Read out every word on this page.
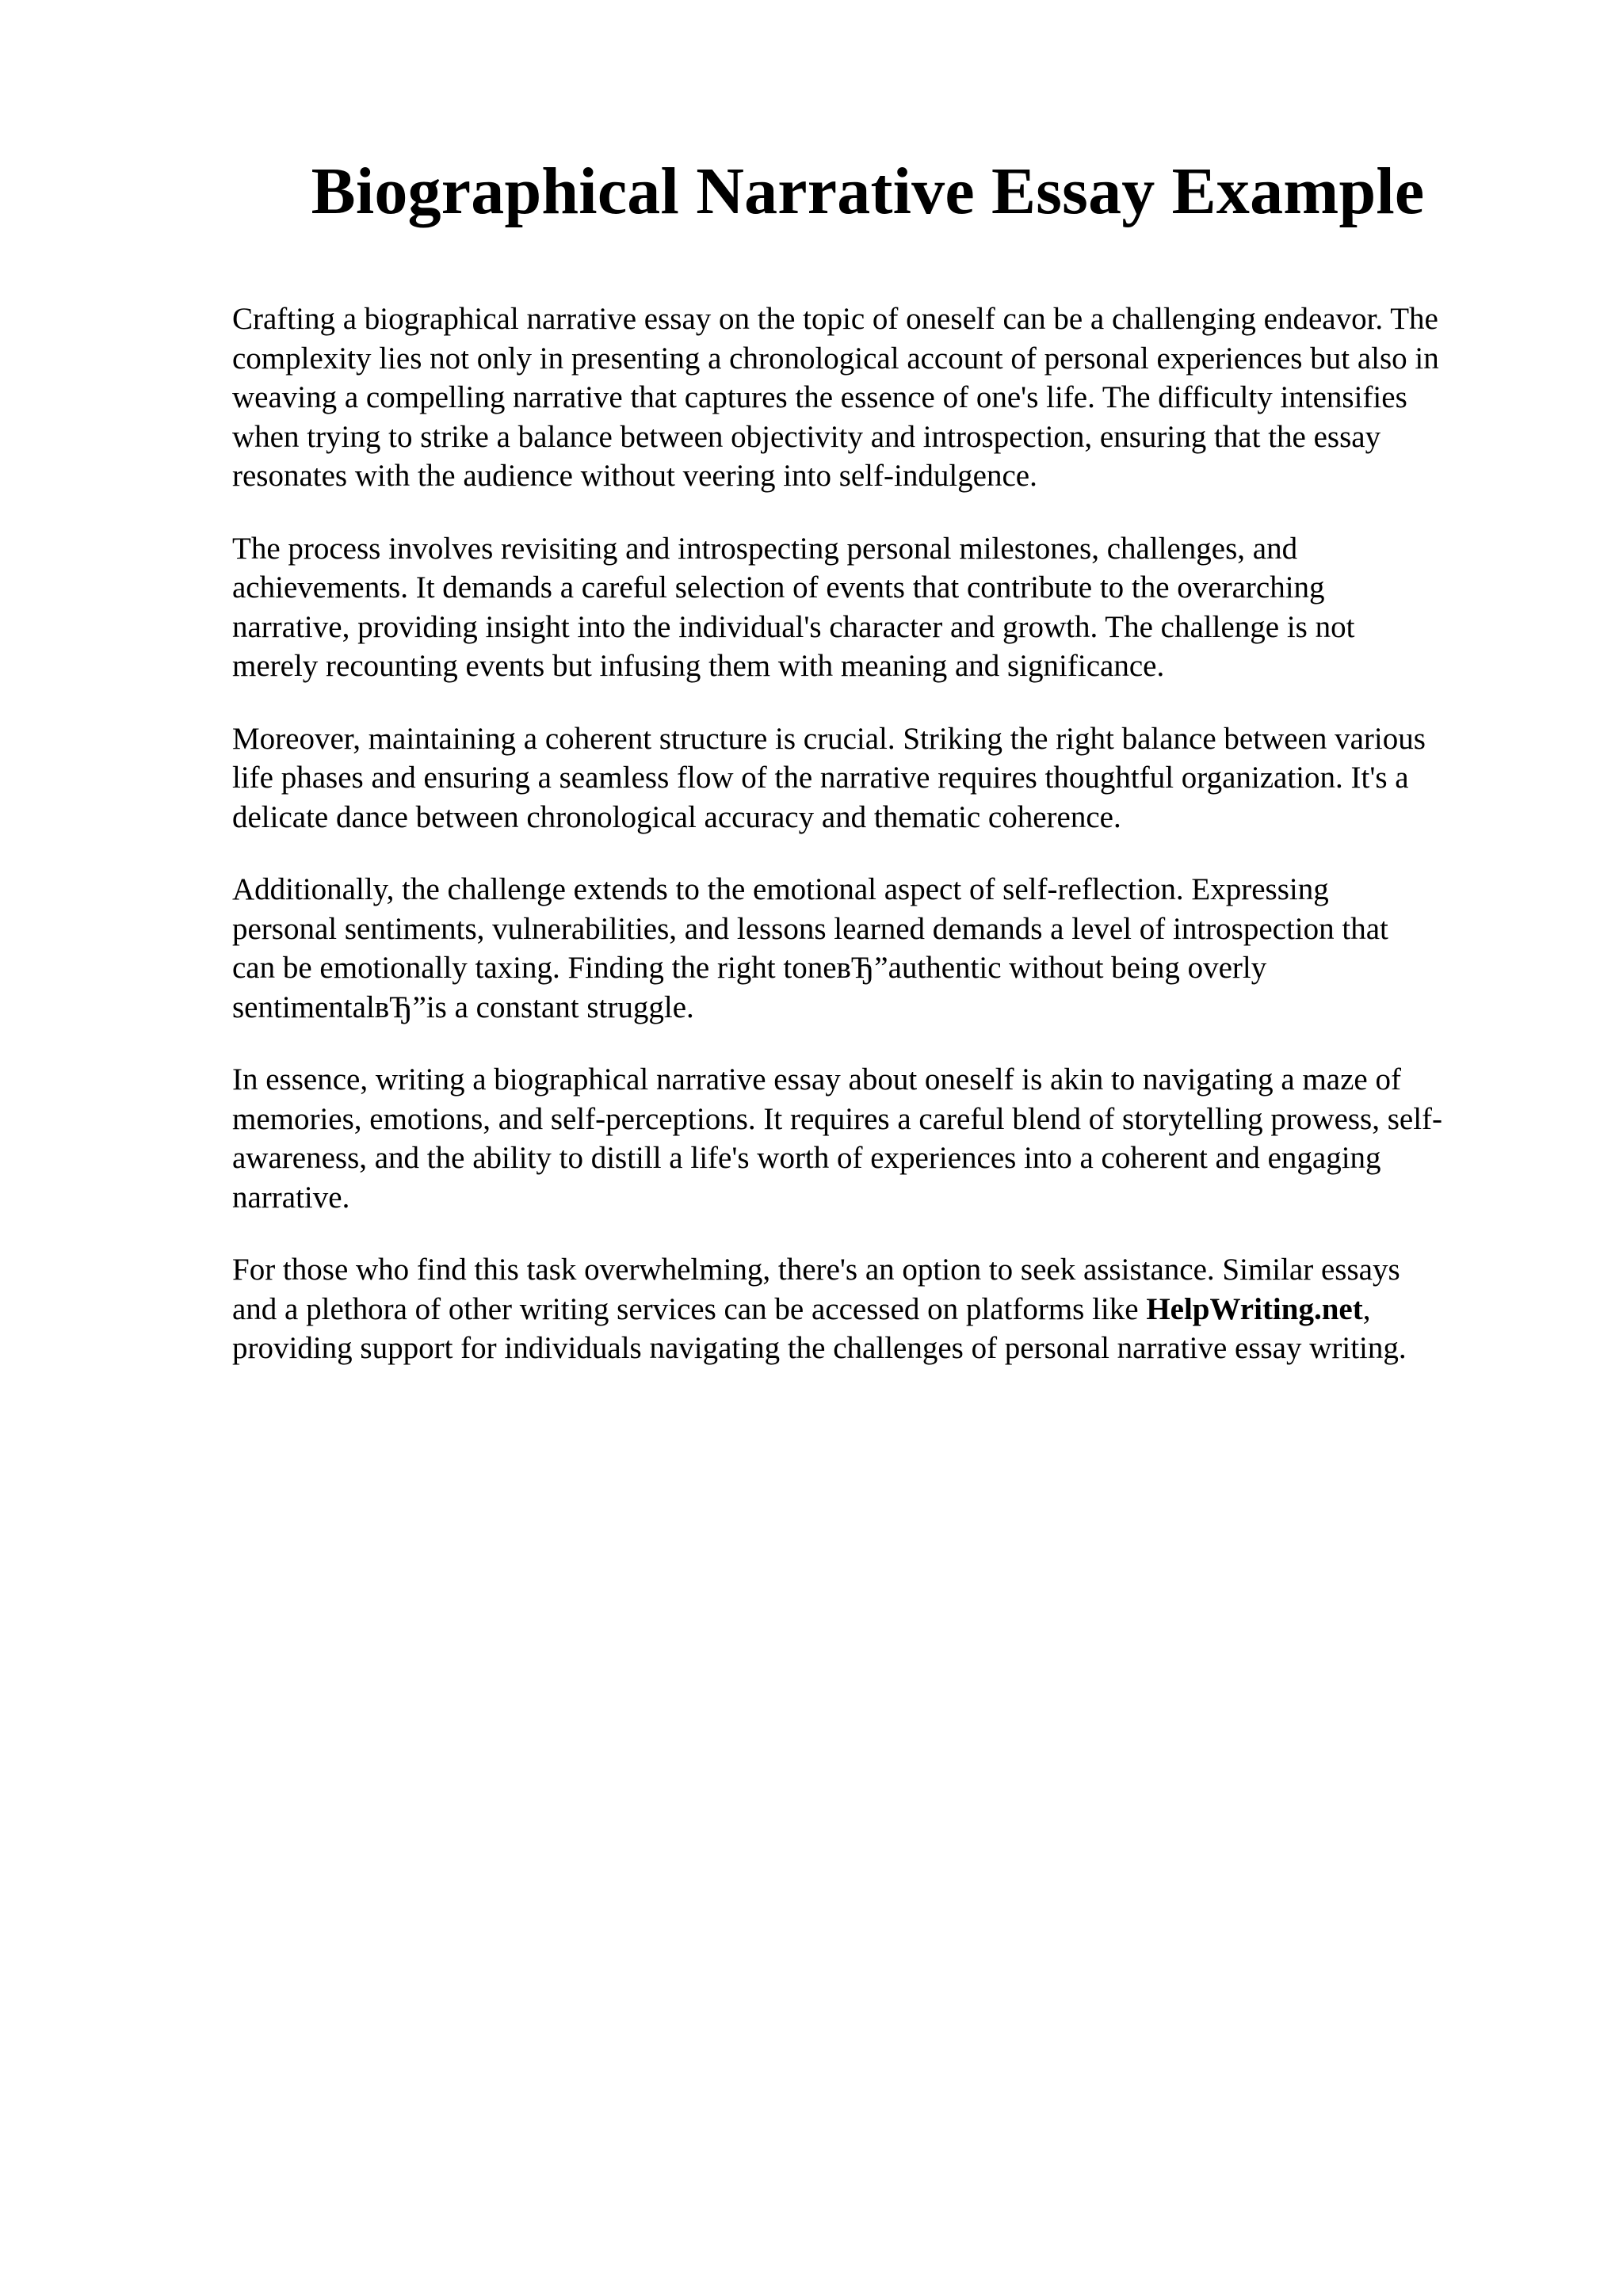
Biographical Narrative Essay Example

Crafting a biographical narrative essay on the topic of oneself can be a challenging endeavor. The
complexity lies not only in presenting a chronological account of personal experiences but also in
weaving a compelling narrative that captures the essence of one's life. The difficulty intensifies
when trying to strike a balance between objectivity and introspection, ensuring that the essay
resonates with the audience without veering into self-indulgence.

The process involves revisiting and introspecting personal milestones, challenges, and
achievements. It demands a careful selection of events that contribute to the overarching
narrative, providing insight into the individual's character and growth. The challenge is not
merely recounting events but infusing them with meaning and significance.

Moreover, maintaining a coherent structure is crucial. Striking the right balance between various
life phases and ensuring a seamless flow of the narrative requires thoughtful organization. It's a
delicate dance between chronological accuracy and thematic coherence.

Additionally, the challenge extends to the emotional aspect of self-reflection. Expressing
personal sentiments, vulnerabilities, and lessons learned demands a level of introspection that
can be emotionally taxing. Finding the right toneвЂ”authentic without being overly
sentimentalвЂ”is a constant struggle.

In essence, writing a biographical narrative essay about oneself is akin to navigating a maze of
memories, emotions, and self-perceptions. It requires a careful blend of storytelling prowess, self-
awareness, and the ability to distill a life's worth of experiences into a coherent and engaging
narrative.

For those who find this task overwhelming, there's an option to seek assistance. Similar essays
and a plethora of other writing services can be accessed on platforms like HelpWriting.net,
providing support for individuals navigating the challenges of personal narrative essay writing.
